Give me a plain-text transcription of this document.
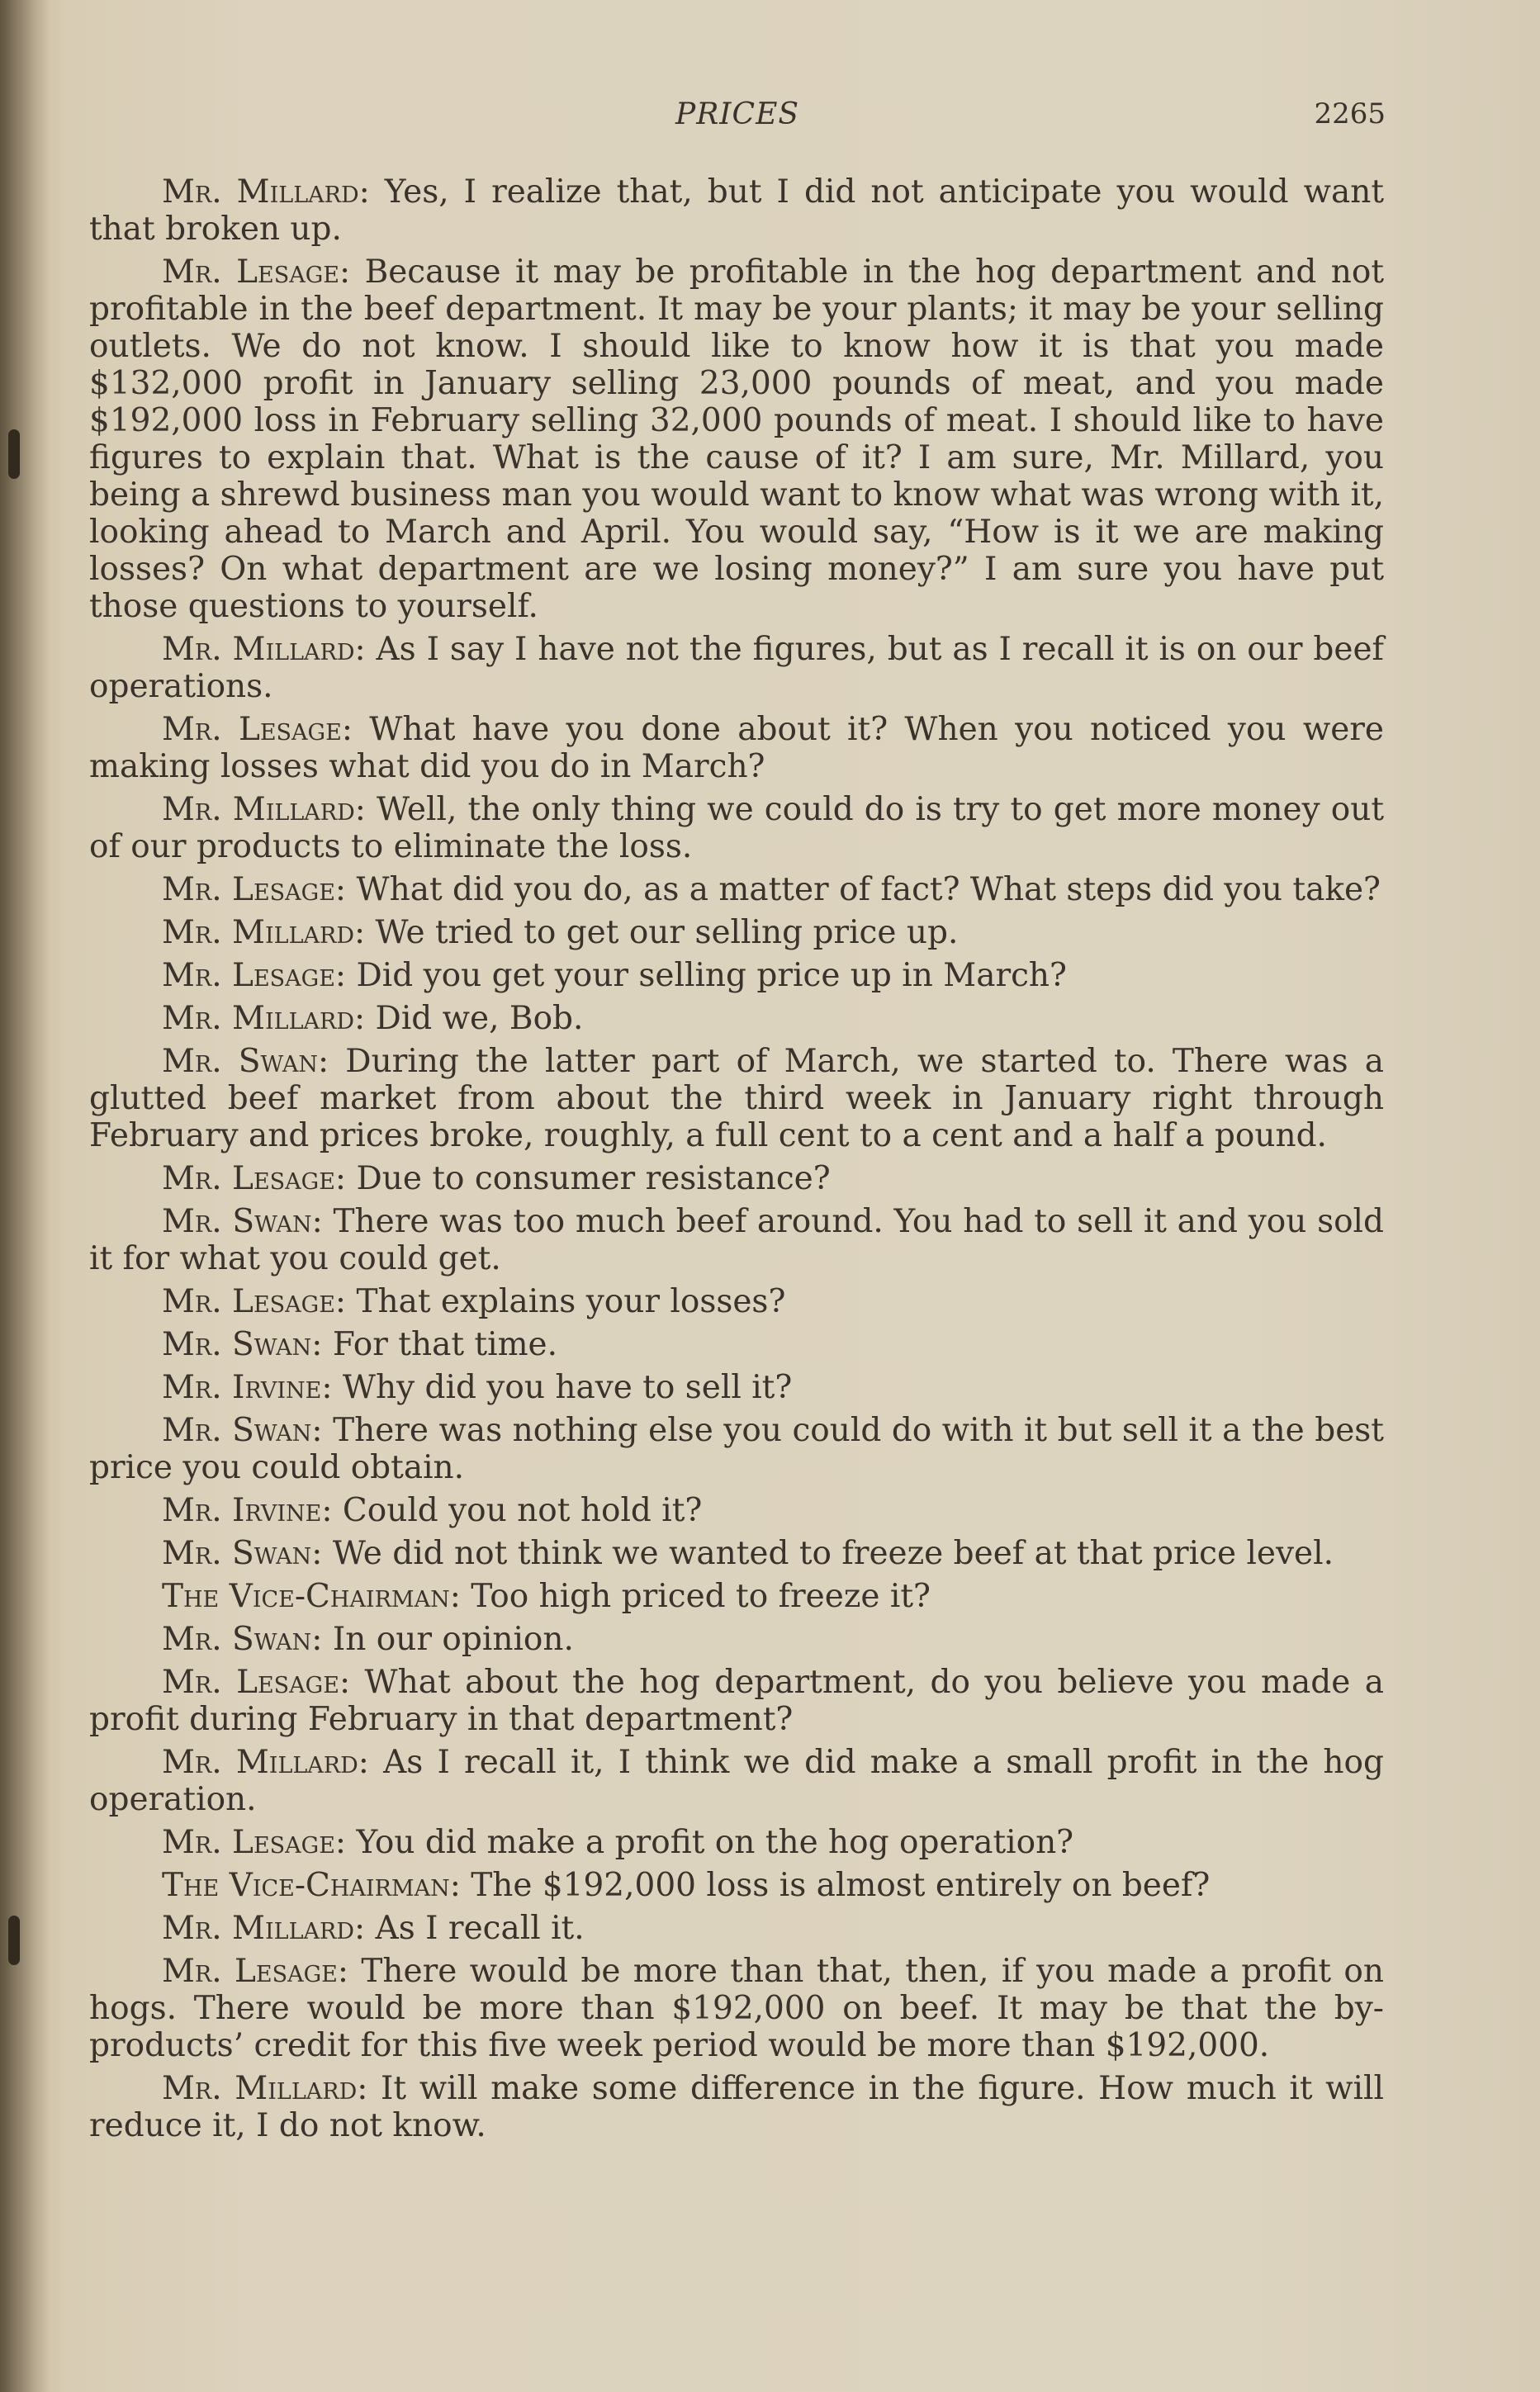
PRICES	2265

Mr. Millard: Yes, I realize that, but I did not anticipate you would want that broken up.

Mr. Lesage: Because it may be profitable in the hog department and not profitable in the beef department. It may be your plants; it may be your selling outlets. We do not know. I should like to know how it is that you made $132,000 profit in January selling 23,000 pounds of meat, and you made $192,000 loss in February selling 32,000 pounds of meat. I should like to have figures to explain that. What is the cause of it? I am sure, Mr. Millard, you being a shrewd business man you would want to know what was wrong with it, looking ahead to March and April. You would say, “How is it we are making losses? On what department are we losing money?” I am sure you have put those questions to yourself.

Mr. Millard: As I say I have not the figures, but as I recall it is on our beef operations.

Mr. Lesage: What have you done about it? When you noticed you were making losses what did you do in March?

Mr. Millard: Well, the only thing we could do is try to get more money out of our products to eliminate the loss.

Mr. Lesage: What did you do, as a matter of fact? What steps did you take?

Mr. Millard: We tried to get our selling price up.

Mr. Lesage: Did you get your selling price up in March?

Mr. Millard: Did we, Bob.

Mr. Swan: During the latter part of March, we started to. There was a glutted beef market from about the third week in January right through February and prices broke, roughly, a full cent to a cent and a half a pound.

Mr. Lesage: Due to consumer resistance?

Mr. Swan: There was too much beef around. You had to sell it and you sold it for what you could get.

Mr. Lesage: That explains your losses?

Mr. Swan: For that time.

Mr. Irvine: Why did you have to sell it?

Mr. Swan: There was nothing else you could do with it but sell it a the best price you could obtain.

Mr. Irvine: Could you not hold it?

Mr. Swan: We did not think we wanted to freeze beef at that price level.

The Vice-Chairman: Too high priced to freeze it?

Mr. Swan: In our opinion.

Mr. Lesage: What about the hog department, do you believe you made a profit during February in that department?

Mr. Millard: As I recall it, I think we did make a small profit in the hog operation.

Mr. Lesage: You did make a profit on the hog operation?

The Vice-Chairman: The $192,000 loss is almost entirely on beef?

Mr. Millard: As I recall it.

Mr. Lesage: There would be more than that, then, if you made a profit on hogs. There would be more than $192,000 on beef. It may be that the by-products’ credit for this five week period would be more than $192,000.

Mr. Millard: It will make some difference in the figure. How much it will reduce it, I do not know.
